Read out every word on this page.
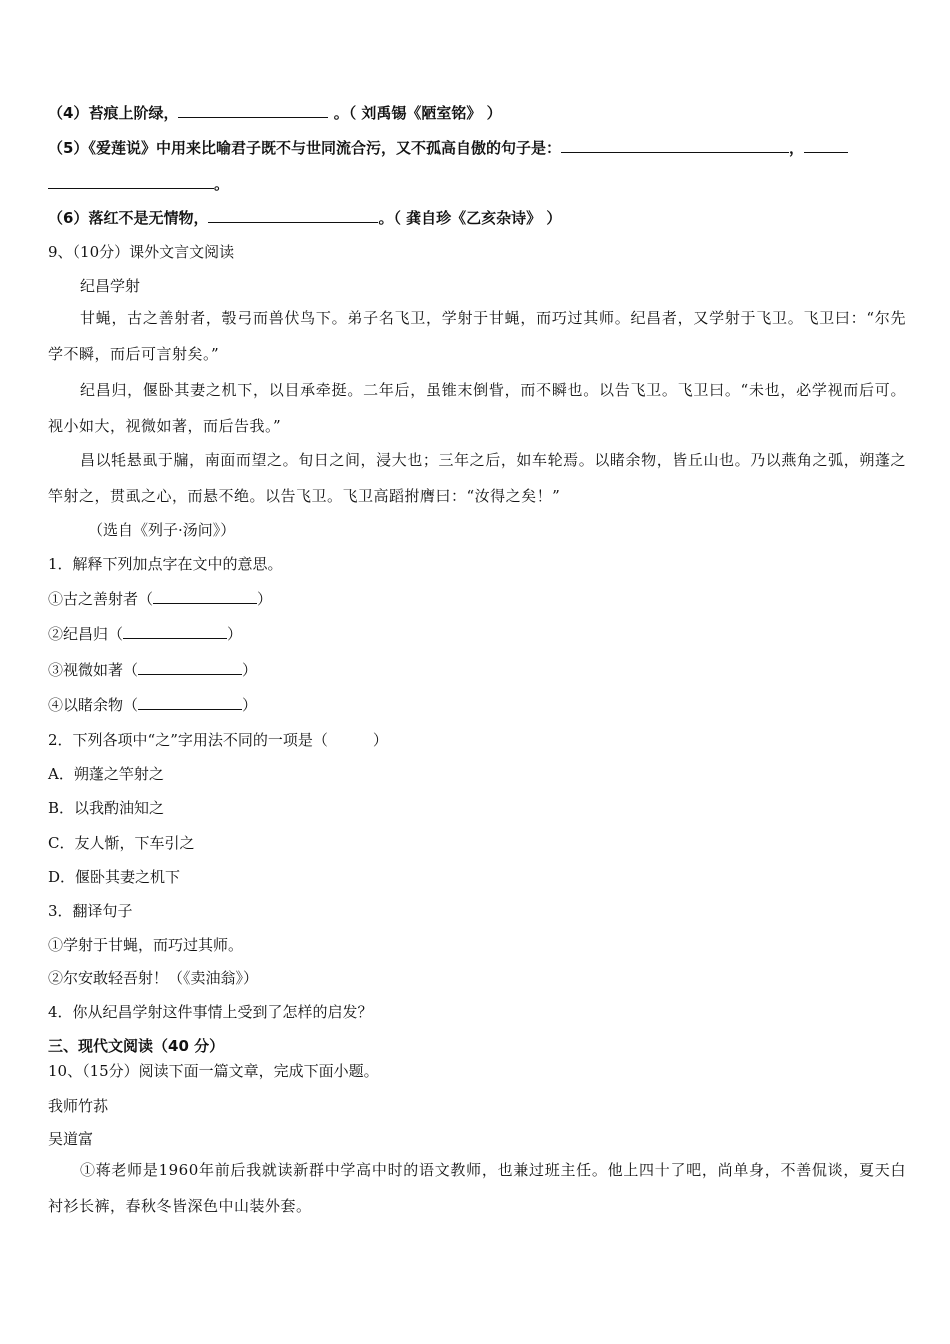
（4）苔痕上阶绿，	。（ 刘禹锡《陋室铭》 ）
（5）《爱莲说》中用来比喻君子既不与世同流合污，又不孤高自傲的句子是：	，
。
（6）落红不是无情物，	。（ 龚自珍《乙亥杂诗》 ）
9、（10分）课外文言文阅读
纪昌学射
甘蝇，古之善射者，彀弓而兽伏鸟下。弟子名飞卫，学射于甘蝇，而巧过其师。纪昌者，又学射于飞卫。飞卫曰：“尔先学不瞬，而后可言射矣。”
纪昌归，偃卧其妻之机下，以目承牵挺。二年后，虽锥末倒眥，而不瞬也。以告飞卫。飞卫曰。“未也，必学视而后可。视小如大，视微如著，而后告我。”
昌以牦悬虱于牖，南面而望之。旬日之间，浸大也；三年之后，如车轮焉。以睹余物，皆丘山也。乃以燕角之弧，朔蓬之竿射之，贯虱之心，而悬不绝。以告飞卫。飞卫高蹈拊膺曰：“汝得之矣！”
（选自《列子·汤问》）
1．解释下列加点字在文中的意思。
①古之善射者（	）
②纪昌归（	）
③视微如著（	）
④以睹余物（	）
2．下列各项中“之”字用法不同的一项是（　　　）
A．朔蓬之竿射之
B．以我酌油知之
C．友人惭，下车引之
D．偃卧其妻之机下
3．翻译句子
①学射于甘蝇，而巧过其师。
②尔安敢轻吾射！（《卖油翁》）
4．你从纪昌学射这件事情上受到了怎样的启发？
三、现代文阅读（40 分）
10、（15分）阅读下面一篇文章，完成下面小题。
我师竹荪
吴道富
①蒋老师是1960年前后我就读新群中学高中时的语文教师，也兼过班主任。他上四十了吧，尚单身，不善侃谈，夏天白衬衫长裤，春秋冬皆深色中山装外套。
